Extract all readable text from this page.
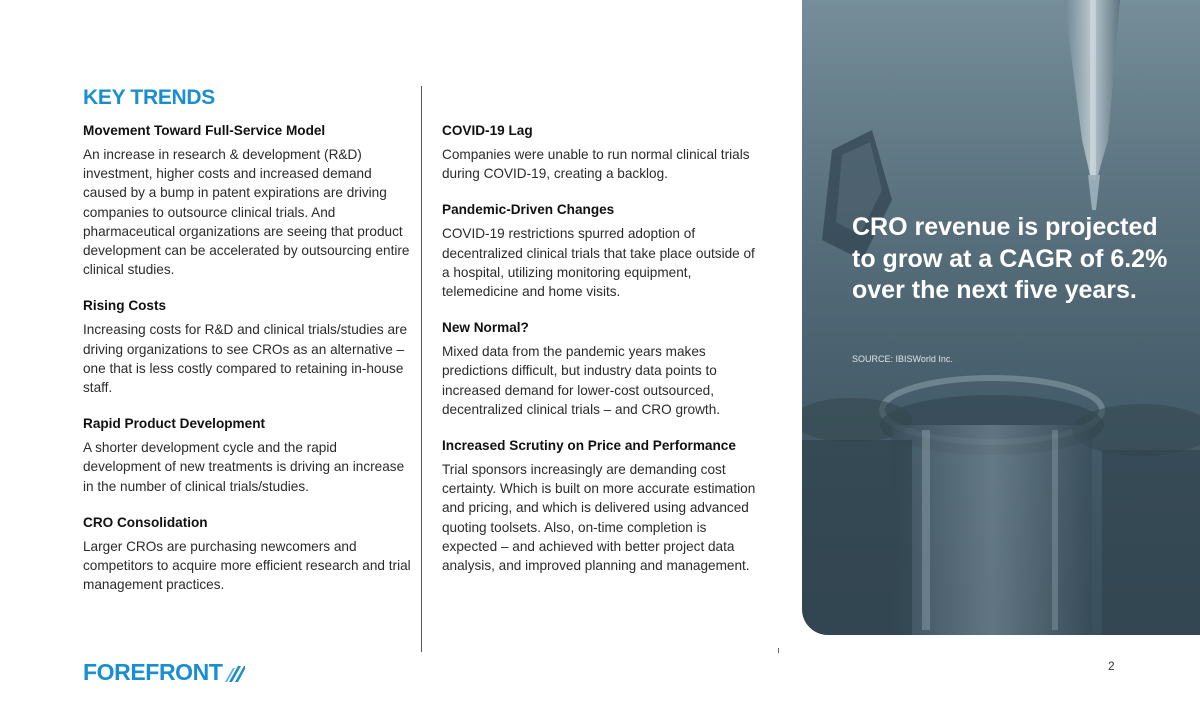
KEY TRENDS
Movement Toward Full-Service Model
An increase in research & development (R&D) investment, higher costs and increased demand caused by a bump in patent expirations are driving companies to outsource clinical trials. And pharmaceutical organizations are seeing that product development can be accelerated by outsourcing entire clinical studies.
Rising Costs
Increasing costs for R&D and clinical trials/studies are driving organizations to see CROs as an alternative – one that is less costly compared to retaining in-house staff.
Rapid Product Development
A shorter development cycle and the rapid development of new treatments is driving an increase in the number of clinical trials/studies.
CRO Consolidation
Larger CROs are purchasing newcomers and competitors to acquire more efficient research and trial management practices.
COVID-19 Lag
Companies were unable to run normal clinical trials during COVID-19, creating a backlog.
Pandemic-Driven Changes
COVID-19 restrictions spurred adoption of decentralized clinical trials that take place outside of a hospital, utilizing monitoring equipment, telemedicine and home visits.
New Normal?
Mixed data from the pandemic years makes predictions difficult, but industry data points to increased demand for lower-cost outsourced, decentralized clinical trials – and CRO growth.
Increased Scrutiny on Price and Performance
Trial sponsors increasingly are demanding cost certainty. Which is built on more accurate estimation and pricing, and which is delivered using advanced quoting toolsets. Also, on-time completion is expected – and achieved with better project data analysis, and improved planning and management.
CRO revenue is projected to grow at a CAGR of 6.2% over the next five years.
SOURCE: IBISWorld Inc.
FOREFRONT	2
